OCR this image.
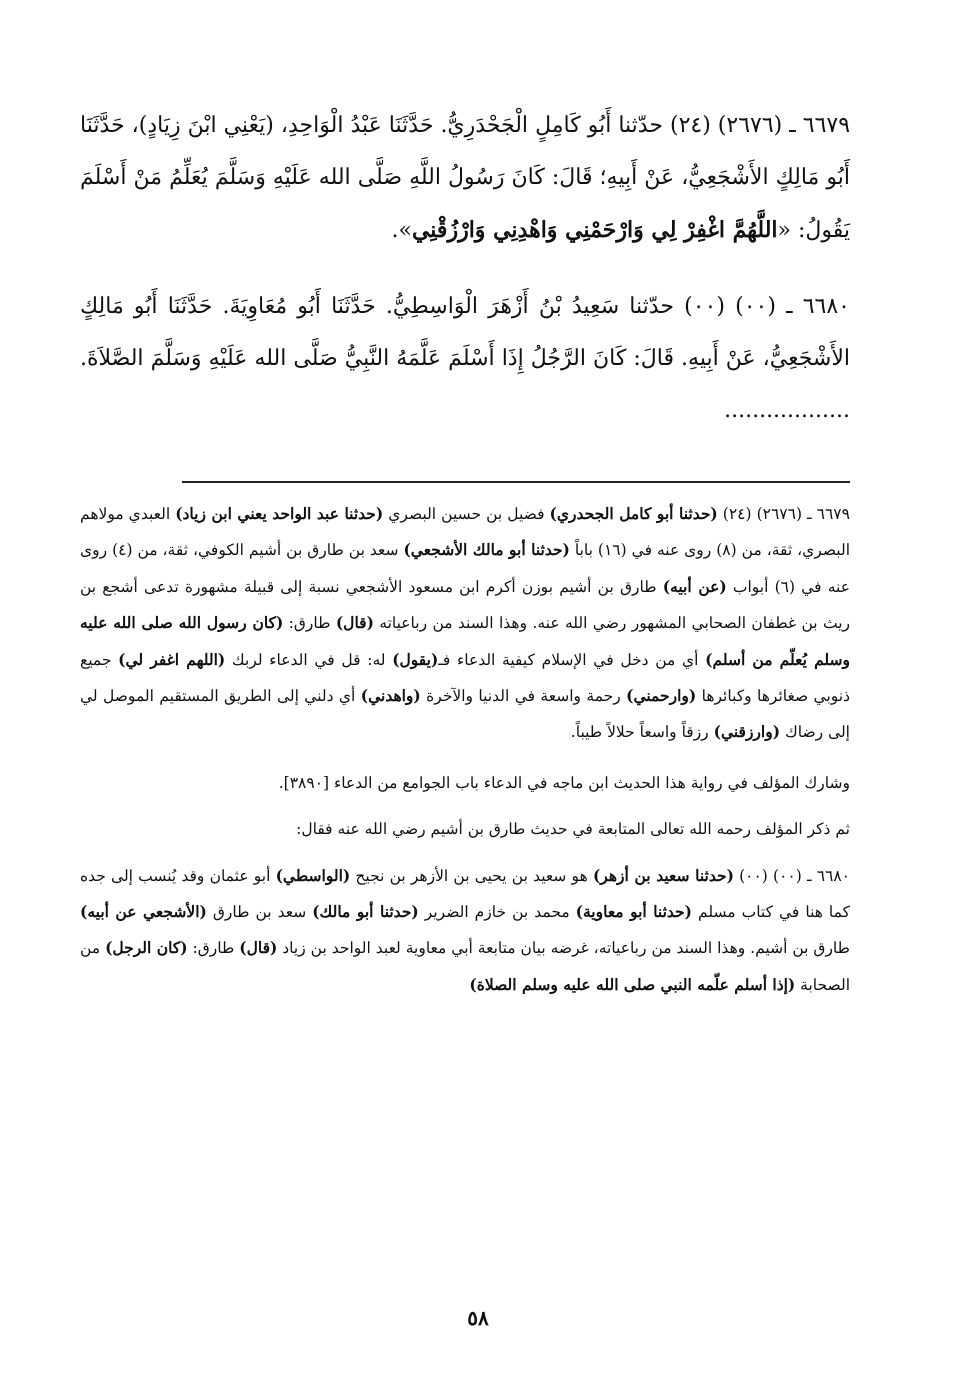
٦٦٧٩ ـ (٢٦٧٦) (٢٤) حدّثنا أَبُو كَامِلٍ الْجَحْدَرِيُّ. حَدَّثَنَا عَبْدُ الْوَاحِدِ، (يَعْنِي ابْنَ زِيَادٍ)، حَدَّثَنَا أَبُو مَالِكٍ الأَشْجَعِيُّ، عَنْ أَبِيهِ؛ قَالَ: كَانَ رَسُولُ اللَّهِ صَلَّى الله عَلَيْهِ وَسَلَّمَ يُعَلِّمُ مَنْ أَسْلَمَ يَقُولُ: «اللَّهُمَّ اغْفِرْ لِي وَارْحَمْنِي وَاهْدِنِي وَارْزُقْنِي».

٦٦٨٠ ـ (٠٠) (٠٠) حدّثنا سَعِيدُ بْنُ أَزْهَرَ الْوَاسِطِيُّ. حَدَّثَنَا أَبُو مُعَاوِيَةَ. حَدَّثَنَا أَبُو مَالِكٍ الأَشْجَعِيُّ، عَنْ أَبِيهِ. قَالَ: كَانَ الرَّجُلُ إِذَا أَسْلَمَ عَلَّمَهُ النَّبِيُّ صَلَّى الله عَلَيْهِ وَسَلَّمَ الصَّلاَةَ. ..................

٦٦٧٩ ـ (٢٦٧٦) (٢٤) (حدثنا أبو كامل الجحدري) فضيل بن حسين البصري (حدثنا عبد الواحد يعني ابن زياد) العبدي مولاهم البصري، ثقة، من (٨) روى عنه في (١٦) باباً (حدثنا أبو مالك الأشجعي) سعد بن طارق بن أشيم الكوفي، ثقة، من (٤) روى عنه في (٦) أبواب (عن أبيه) طارق بن أشيم بوزن أكرم ابن مسعود الأشجعي نسبة إلى قبيلة مشهورة تدعى أشجع بن ريث بن غطفان الصحابي المشهور رضي الله عنه. وهذا السند من رباعياته (قال) طارق: (كان رسول الله صلى الله عليه وسلم يُعلّم من أسلم) أي من دخل في الإسلام كيفية الدعاء فـ(يقول) له: قل في الدعاء لربك (اللهم اغفر لي) جميع ذنوبي صغائرها وكبائرها (وارحمني) رحمة واسعة في الدنيا والآخرة (واهدني) أي دلني إلى الطريق المستقيم الموصل لي إلى رضاك (وارزقني) رزقاً واسعاً حلالاً طيباً.

وشارك المؤلف في رواية هذا الحديث ابن ماجه في الدعاء باب الجوامع من الدعاء [٣٨٩٠].

ثم ذكر المؤلف رحمه الله تعالى المتابعة في حديث طارق بن أشيم رضي الله عنه فقال:

٦٦٨٠ ـ (٠٠) (٠٠) (حدثنا سعيد بن أزهر) هو سعيد بن يحيى بن الأزهر بن نجيح (الواسطي) أبو عثمان وقد يُنسب إلى جده كما هنا في كتاب مسلم (حدثنا أبو معاوية) محمد بن خازم الضرير (حدثنا أبو مالك) سعد بن طارق (الأشجعي عن أبيه) طارق بن أشيم. وهذا السند من رباعياته، غرضه بيان متابعة أبي معاوية لعبد الواحد بن زياد (قال) طارق: (كان الرجل) من الصحابة (إذا أسلم علّمه النبي صلى الله عليه وسلم الصلاة)

٥٨
